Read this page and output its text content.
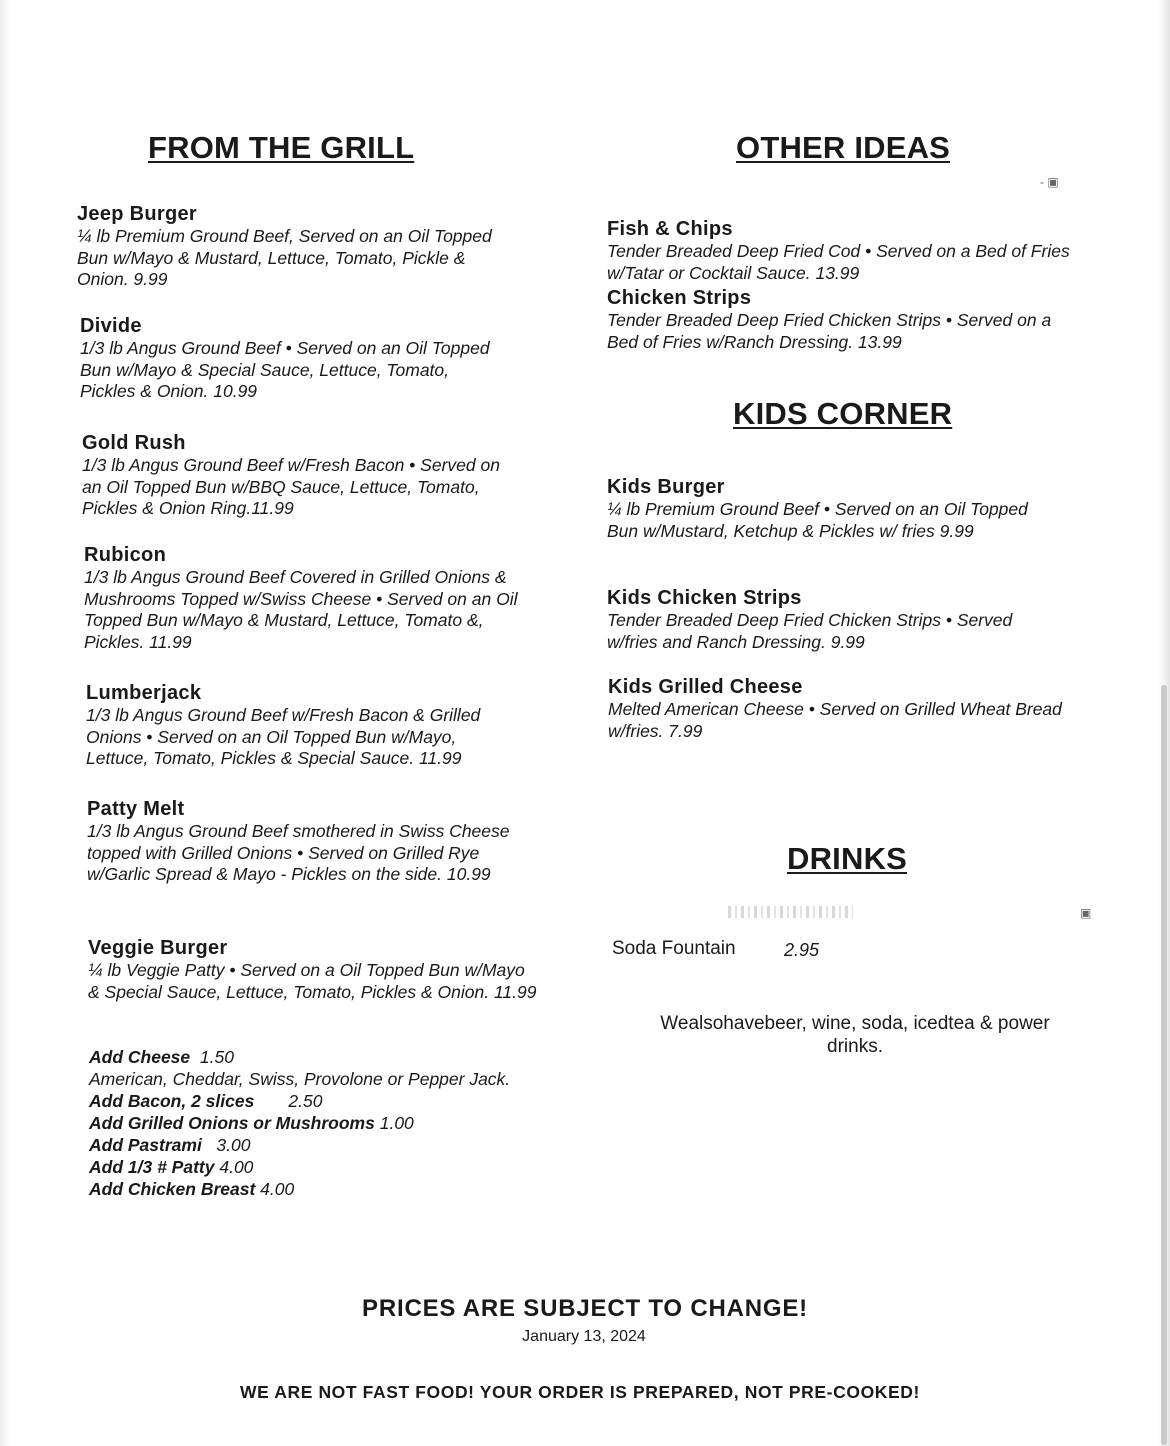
FROM THE GRILL	OTHER IDEAS
KIDS CORNER
DRINKS
Jeep Burger
¼ lb Premium Ground Beef, Served on an Oil Topped Bun w/Mayo & Mustard, Lettuce, Tomato, Pickle & Onion. 9.99
Divide
1/3 lb Angus Ground Beef • Served on an Oil Topped Bun w/Mayo & Special Sauce, Lettuce, Tomato, Pickles & Onion. 10.99
Gold Rush
1/3 lb Angus Ground Beef w/Fresh Bacon • Served on an Oil Topped Bun w/BBQ Sauce, Lettuce, Tomato, Pickles & Onion Ring.11.99
Rubicon
1/3 lb Angus Ground Beef Covered in Grilled Onions & Mushrooms Topped w/Swiss Cheese • Served on an Oil Topped Bun w/Mayo & Mustard, Lettuce, Tomato &, Pickles. 11.99
Lumberjack
1/3 lb Angus Ground Beef w/Fresh Bacon & Grilled Onions • Served on an Oil Topped Bun w/Mayo, Lettuce, Tomato, Pickles & Special Sauce. 11.99
Patty Melt
1/3 lb Angus Ground Beef smothered in Swiss Cheese topped with Grilled Onions • Served on Grilled Rye w/Garlic Spread & Mayo - Pickles on the side. 10.99
Veggie Burger
¼ lb Veggie Patty • Served on a Oil Topped Bun w/Mayo & Special Sauce, Lettuce, Tomato, Pickles & Onion. 11.99
Add Cheese 1.50
American, Cheddar, Swiss, Provolone or Pepper Jack.
Add Bacon, 2 slices 2.50
Add Grilled Onions or Mushrooms 1.00
Add Pastrami 3.00
Add 1/3 # Patty 4.00
Add Chicken Breast 4.00
‐ ▣
Fish & Chips
Tender Breaded Deep Fried Cod • Served on a Bed of Fries w/Tatar or Cocktail Sauce. 13.99
Chicken Strips
Tender Breaded Deep Fried Chicken Strips • Served on a Bed of Fries w/Ranch Dressing. 13.99
Kids Burger
¼ lb Premium Ground Beef • Served on an Oil Topped Bun w/Mustard, Ketchup & Pickles w/ fries 9.99
Kids Chicken Strips
Tender Breaded Deep Fried Chicken Strips • Served w/fries and Ranch Dressing. 9.99
Kids Grilled Cheese
Melted American Cheese • Served on Grilled Wheat Bread w/fries. 7.99
▣
Soda Fountain	2.95
Wealsohavebeer, wine, soda, icedtea & power drinks.
PRICES ARE SUBJECT TO CHANGE!
January 13, 2024
WE ARE NOT FAST FOOD! YOUR ORDER IS PREPARED, NOT PRE-COOKED!
